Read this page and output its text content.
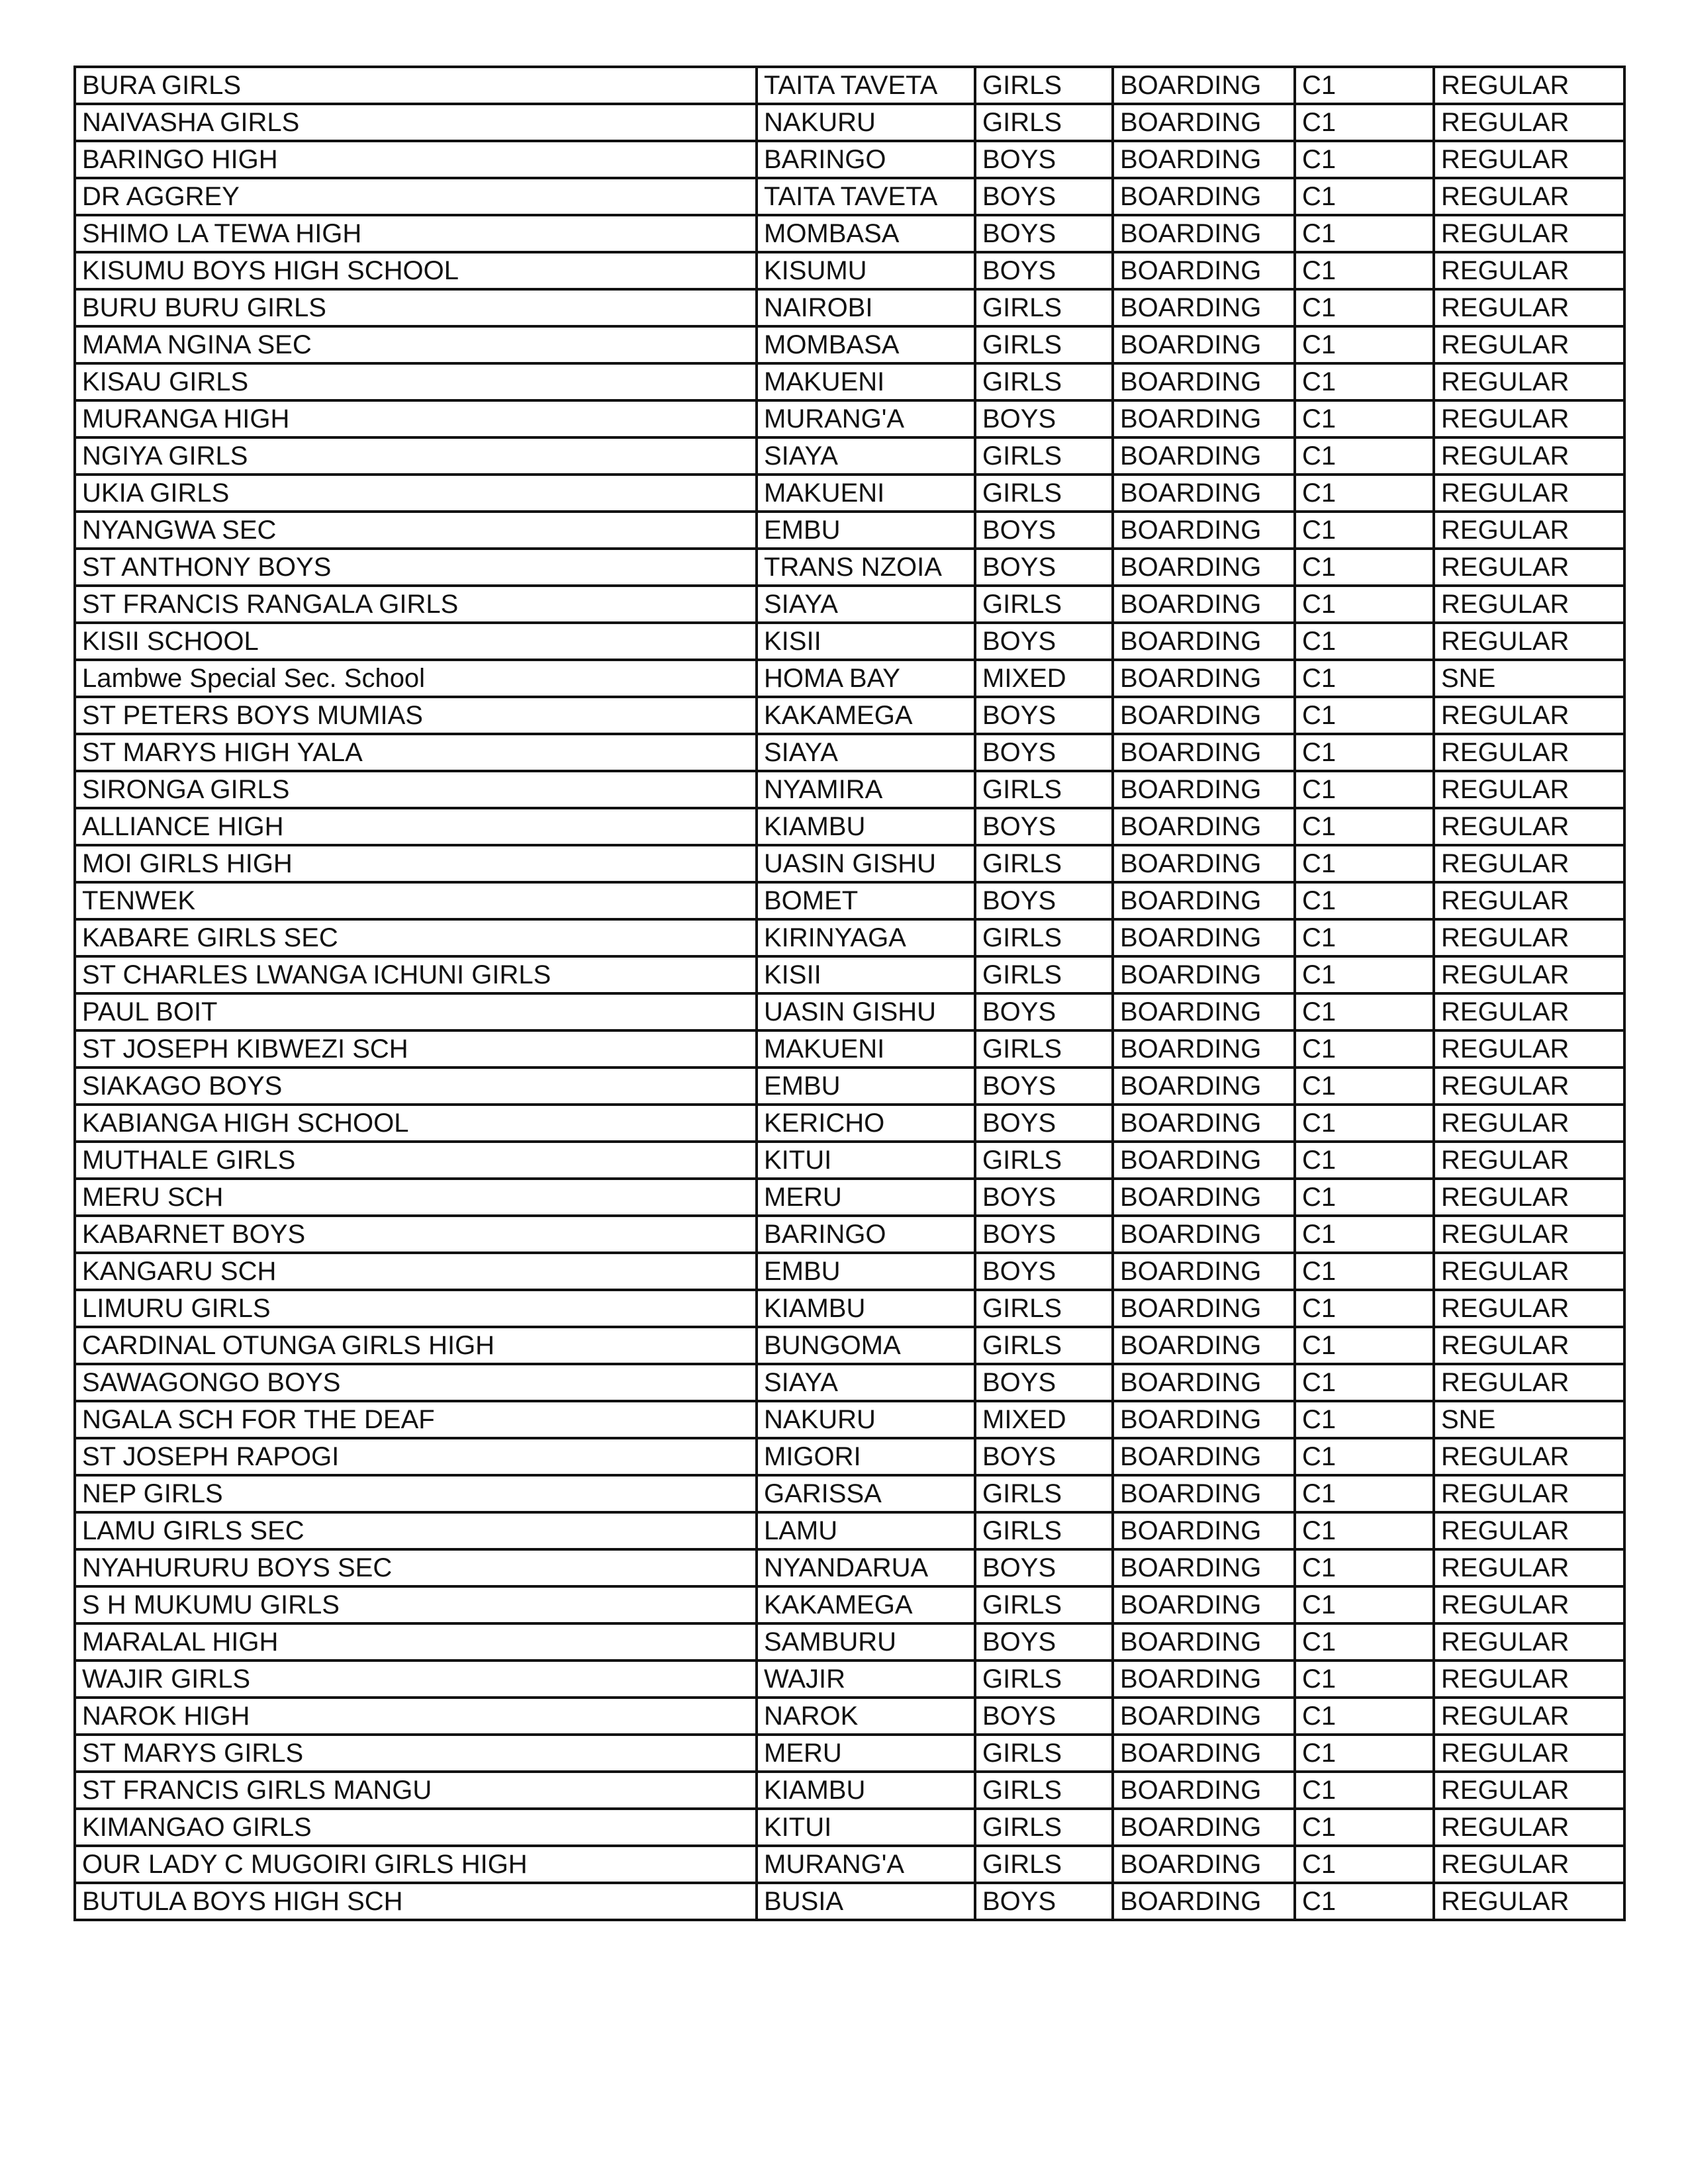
BURA GIRLS	TAITA TAVETA	GIRLS	BOARDING	C1	REGULAR
NAIVASHA GIRLS	NAKURU	GIRLS	BOARDING	C1	REGULAR
BARINGO HIGH	BARINGO	BOYS	BOARDING	C1	REGULAR
DR AGGREY	TAITA TAVETA	BOYS	BOARDING	C1	REGULAR
SHIMO LA TEWA HIGH	MOMBASA	BOYS	BOARDING	C1	REGULAR
KISUMU BOYS HIGH SCHOOL	KISUMU	BOYS	BOARDING	C1	REGULAR
BURU BURU GIRLS	NAIROBI	GIRLS	BOARDING	C1	REGULAR
MAMA NGINA SEC	MOMBASA	GIRLS	BOARDING	C1	REGULAR
KISAU GIRLS	MAKUENI	GIRLS	BOARDING	C1	REGULAR
MURANGA HIGH	MURANG'A	BOYS	BOARDING	C1	REGULAR
NGIYA GIRLS	SIAYA	GIRLS	BOARDING	C1	REGULAR
UKIA GIRLS	MAKUENI	GIRLS	BOARDING	C1	REGULAR
NYANGWA SEC	EMBU	BOYS	BOARDING	C1	REGULAR
ST ANTHONY BOYS	TRANS NZOIA	BOYS	BOARDING	C1	REGULAR
ST FRANCIS RANGALA GIRLS	SIAYA	GIRLS	BOARDING	C1	REGULAR
KISII SCHOOL	KISII	BOYS	BOARDING	C1	REGULAR
Lambwe Special Sec. School	HOMA BAY	MIXED	BOARDING	C1	SNE
ST PETERS BOYS MUMIAS	KAKAMEGA	BOYS	BOARDING	C1	REGULAR
ST MARYS HIGH YALA	SIAYA	BOYS	BOARDING	C1	REGULAR
SIRONGA GIRLS	NYAMIRA	GIRLS	BOARDING	C1	REGULAR
ALLIANCE HIGH	KIAMBU	BOYS	BOARDING	C1	REGULAR
MOI GIRLS HIGH	UASIN GISHU	GIRLS	BOARDING	C1	REGULAR
TENWEK	BOMET	BOYS	BOARDING	C1	REGULAR
KABARE GIRLS SEC	KIRINYAGA	GIRLS	BOARDING	C1	REGULAR
ST CHARLES LWANGA ICHUNI GIRLS	KISII	GIRLS	BOARDING	C1	REGULAR
PAUL BOIT	UASIN GISHU	BOYS	BOARDING	C1	REGULAR
ST JOSEPH KIBWEZI SCH	MAKUENI	GIRLS	BOARDING	C1	REGULAR
SIAKAGO BOYS	EMBU	BOYS	BOARDING	C1	REGULAR
KABIANGA HIGH SCHOOL	KERICHO	BOYS	BOARDING	C1	REGULAR
MUTHALE GIRLS	KITUI	GIRLS	BOARDING	C1	REGULAR
MERU SCH	MERU	BOYS	BOARDING	C1	REGULAR
KABARNET BOYS	BARINGO	BOYS	BOARDING	C1	REGULAR
KANGARU SCH	EMBU	BOYS	BOARDING	C1	REGULAR
LIMURU GIRLS	KIAMBU	GIRLS	BOARDING	C1	REGULAR
CARDINAL OTUNGA GIRLS HIGH	BUNGOMA	GIRLS	BOARDING	C1	REGULAR
SAWAGONGO BOYS	SIAYA	BOYS	BOARDING	C1	REGULAR
NGALA SCH FOR THE DEAF	NAKURU	MIXED	BOARDING	C1	SNE
ST JOSEPH RAPOGI	MIGORI	BOYS	BOARDING	C1	REGULAR
NEP GIRLS	GARISSA	GIRLS	BOARDING	C1	REGULAR
LAMU GIRLS SEC	LAMU	GIRLS	BOARDING	C1	REGULAR
NYAHURURU BOYS SEC	NYANDARUA	BOYS	BOARDING	C1	REGULAR
S H MUKUMU GIRLS	KAKAMEGA	GIRLS	BOARDING	C1	REGULAR
MARALAL HIGH	SAMBURU	BOYS	BOARDING	C1	REGULAR
WAJIR GIRLS	WAJIR	GIRLS	BOARDING	C1	REGULAR
NAROK HIGH	NAROK	BOYS	BOARDING	C1	REGULAR
ST MARYS GIRLS	MERU	GIRLS	BOARDING	C1	REGULAR
ST FRANCIS GIRLS MANGU	KIAMBU	GIRLS	BOARDING	C1	REGULAR
KIMANGAO GIRLS	KITUI	GIRLS	BOARDING	C1	REGULAR
OUR LADY C MUGOIRI GIRLS HIGH	MURANG'A	GIRLS	BOARDING	C1	REGULAR
BUTULA BOYS HIGH SCH	BUSIA	BOYS	BOARDING	C1	REGULAR
